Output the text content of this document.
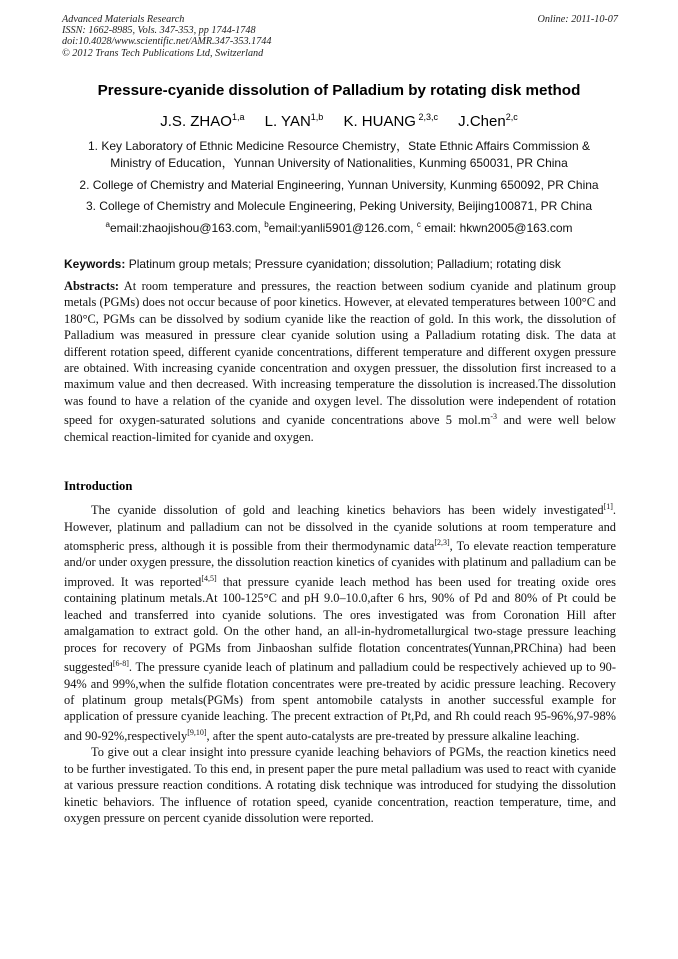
Advanced Materials Research
ISSN: 1662-8985, Vols. 347-353, pp 1744-1748
doi:10.4028/www.scientific.net/AMR.347-353.1744
© 2012 Trans Tech Publications Ltd, Switzerland
Online: 2011-10-07
Pressure-cyanide dissolution of Palladium by rotating disk method
J.S. ZHAO$^{1,a}$ L. YAN$^{1,b}$ K. HUANG $^{2,3,c}$ J.Chen$^{2,c}$
1. Key Laboratory of Ethnic Medicine Resource Chemistry，State Ethnic Affairs Commission &
Ministry of Education，Yunnan University of Nationalities, Kunming 650031, PR China
2. College of Chemistry and Material Engineering, Yunnan University, Kunming 650092, PR China
3. College of Chemistry and Molecule Engineering, Peking University, Beijing100871, PR China
$^a$email:zhaojishou@163.com, $^b$email:yanli5901@126.com, $^c$ email: hkwn2005@163.com
Keywords: Platinum group metals; Pressure cyanidation; dissolution; Palladium; rotating disk

Abstracts: At room temperature and pressures, the reaction between sodium cyanide and platinum group metals (PGMs) does not occur because of poor kinetics. However, at elevated temperatures between 100°C and 180°C, PGMs can be dissolved by sodium cyanide like the reaction of gold. In this work, the dissolution of Palladium was measured in pressure clear cyanide solution using a Palladium rotating disk. The data at different rotation speed, different cyanide concentrations, different temperature and different oxygen pressure are obtained. With increasing cyanide concentration and oxygen pressuer, the dissolution first increased to a maximum value and then decreased. With increasing temperature the dissolution is increased.The dissolution was found to have a relation of the cyanide and oxygen level. The dissolution were independent of rotation speed for oxygen-saturated solutions and cyanide concentrations above 5 mol.m$^{-3}$ and were well below chemical reaction-limited for cyanide and oxygen.

Introduction

The cyanide dissolution of gold and leaching kinetics behaviors has been widely investigated[1]. However, platinum and palladium can not be dissolved in the cyanide solutions at room temperature and atomspheric press, although it is possible from their thermodynamic data[2,3], To elevate reaction temperature and/or under oxygen pressure, the dissolution reaction kinetics of cyanides with platinum and palladium can be improved. It was reported[4,5] that pressure cyanide leach method has been used for treating oxide ores containing platinum metals.At 100-125°C and pH 9.0–10.0,after 6 hrs, 90% of Pd and 80% of Pt could be leached and transferred into cyanide solutions. The ores investigated was from Coronation Hill after amalgamation to extract gold. On the other hand, an all-in-hydrometallurgical two-stage pressure leaching proces for recovery of PGMs from Jinbaoshan sulfide flotation concentrates(Yunnan,PRChina) had been suggested[6-8]. The pressure cyanide leach of platinum and palladium could be respectively achieved up to 90-94% and 99%,when the sulfide flotation concentrates were pre-treated by acidic pressure leaching. Recovery of platinum group metals(PGMs) from spent antomobile catalysts in another successful example for application of pressure cyanide leaching. The precent extraction of Pt,Pd, and Rh could reach 95-96%,97-98% and 90-92%,respectively[9,10], after the spent auto-catalysts are pre-treated by pressure alkaline leaching.

To give out a clear insight into pressure cyanide leaching behaviors of PGMs, the reaction kinetics need to be further investigated. To this end, in present paper the pure metal palladium was used to react with cyanide at various pressure reaction conditions. A rotating disk technique was introduced for studying the dissolution kinetic behaviors. The influence of rotation speed, cyanide concentration, reaction temperature, time, and oxygen pressure on percent cyanide dissolution were reported.
